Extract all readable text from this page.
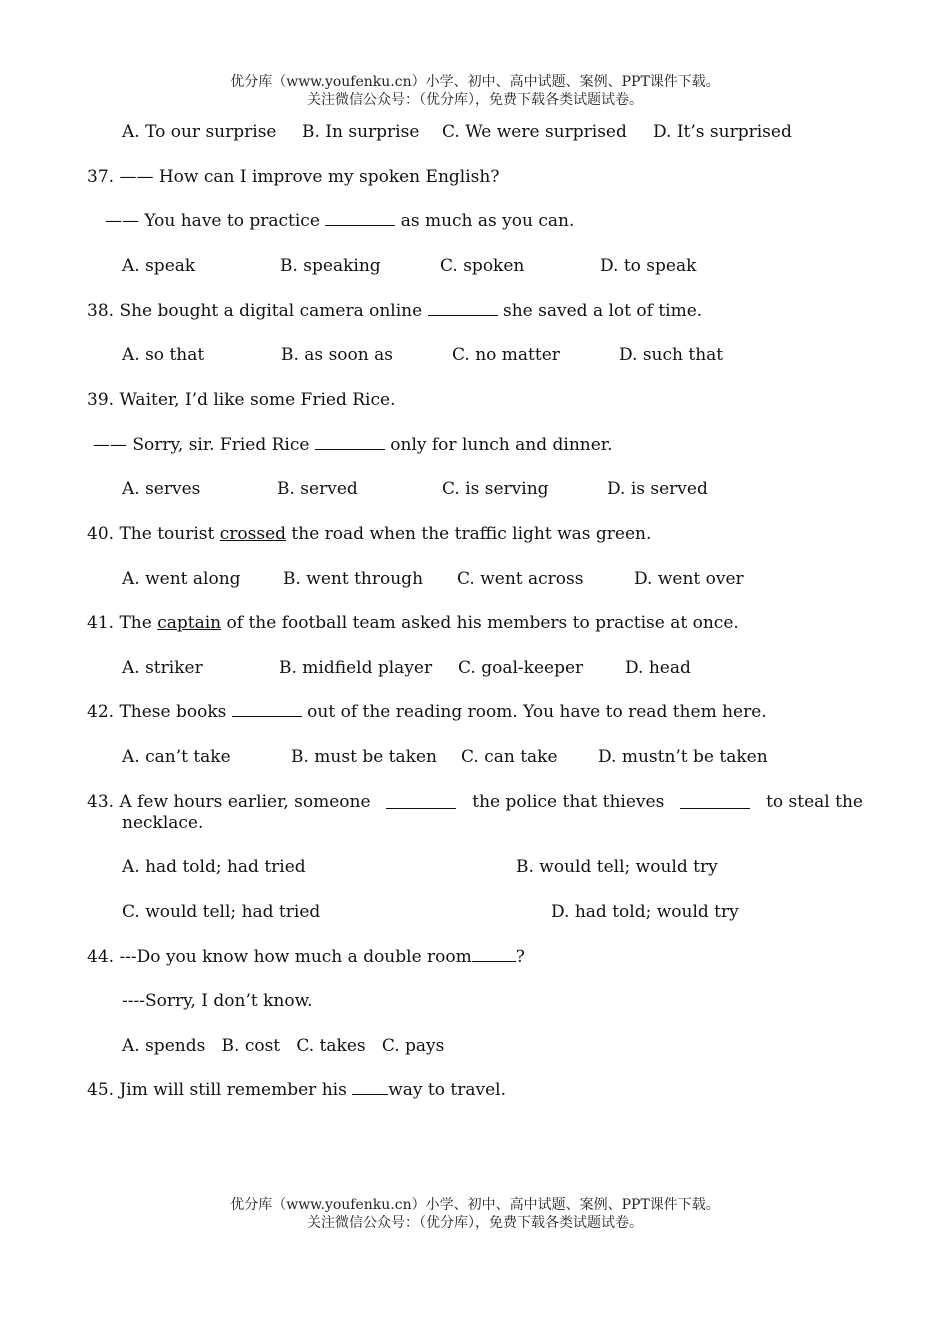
优分库（www.youfenku.cn）小学、初中、高中试题、案例、PPT课件下载。
关注微信公众号：（优分库），免费下载各类试题试卷。
A. To our surprise B. In surprise C. We were surprised D. It’s surprised
37. —— How can I improve my spoken English?
—— You have to practice	as much as you can.
A. speak	B. speaking	C. spoken	D. to speak
38. She bought a digital camera online	she saved a lot of time.
A. so that	B. as soon as	C. no matter	D. such that
39. Waiter, I’d like some Fried Rice.
—— Sorry, sir. Fried Rice	only for lunch and dinner.
A. serves	B. served	C. is serving	D. is served
40. The tourist crossed the road when the traffic light was green.
A. went along B. went through C. went across	D. went over
41. The captain of the football team asked his members to practise at once.
A. striker	B. midfield player C. goal-keeper D. head
42. These books	out of the reading room. You have to read them here.
A. can’t take	B. must be taken C. can take D. mustn’t be taken
43. A few hours earlier, someone	the police that thieves	to steal the
necklace.
A. had told; had tried	B. would tell; would try
C. would tell; had tried	D. had told; would try
44. ---Do you know how much a double room	?
----Sorry, I don’t know.
A. spends   B. cost   C. takes   C. pays
45. Jim will still remember his way to travel.
优分库（www.youfenku.cn）小学、初中、高中试题、案例、PPT课件下载。
关注微信公众号：（优分库），免费下载各类试题试卷。
